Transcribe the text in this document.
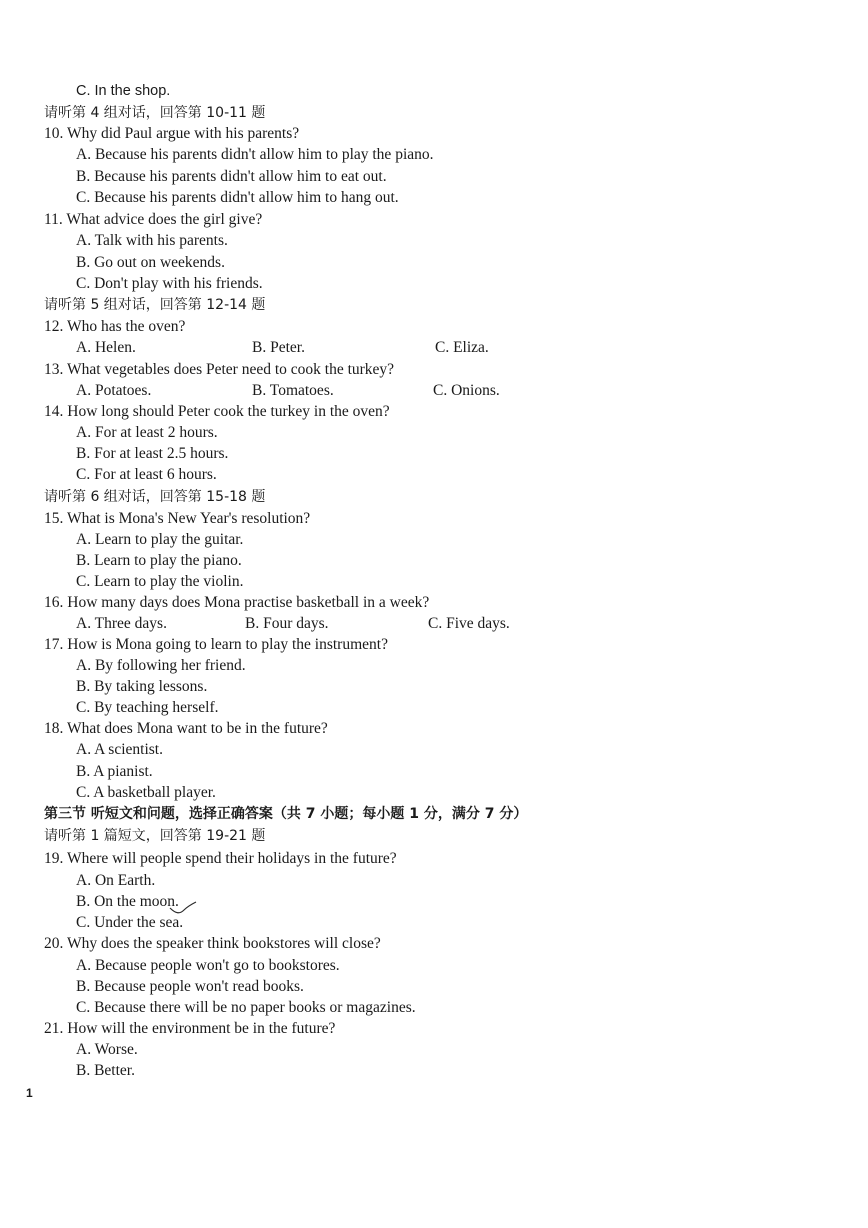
C. In the shop.
请听第 4 组对话，回答第 10-11 题
10. Why did Paul argue with his parents?
A. Because his parents didn't allow him to play the piano.
B. Because his parents didn't allow him to eat out.
C. Because his parents didn't allow him to hang out.
11. What advice does the girl give?
A. Talk with his parents.
B. Go out on weekends.
C. Don't play with his friends.
请听第 5 组对话，回答第 12-14 题
12. Who has the oven?
A. Helen.	B. Peter.	C. Eliza.
13. What vegetables does Peter need to cook the turkey?
A. Potatoes.	B. Tomatoes.	C. Onions.
14. How long should Peter cook the turkey in the oven?
A. For at least 2 hours.
B. For at least 2.5 hours.
C. For at least 6 hours.
请听第 6 组对话，回答第 15-18 题
15. What is Mona's New Year's resolution?
A. Learn to play the guitar.
B. Learn to play the piano.
C. Learn to play the violin.
16. How many days does Mona practise basketball in a week?
A. Three days.	B. Four days.	C. Five days.
17. How is Mona going to learn to play the instrument?
A. By following her friend.
B. By taking lessons.
C. By teaching herself.
18. What does Mona want to be in the future?
A. A scientist.
B. A pianist.
C. A basketball player.
第三节 听短文和问题，选择正确答案（共 7 小题；每小题 1 分，满分 7 分）
请听第 1 篇短文，回答第 19-21 题
19. Where will people spend their holidays in the future?
A. On Earth.
B. On the moon.
C. Under the sea.
20. Why does the speaker think bookstores will close?
A. Because people won't go to bookstores.
B. Because people won't read books.
C. Because there will be no paper books or magazines.
21. How will the environment be in the future?
A. Worse.
B. Better.
1
